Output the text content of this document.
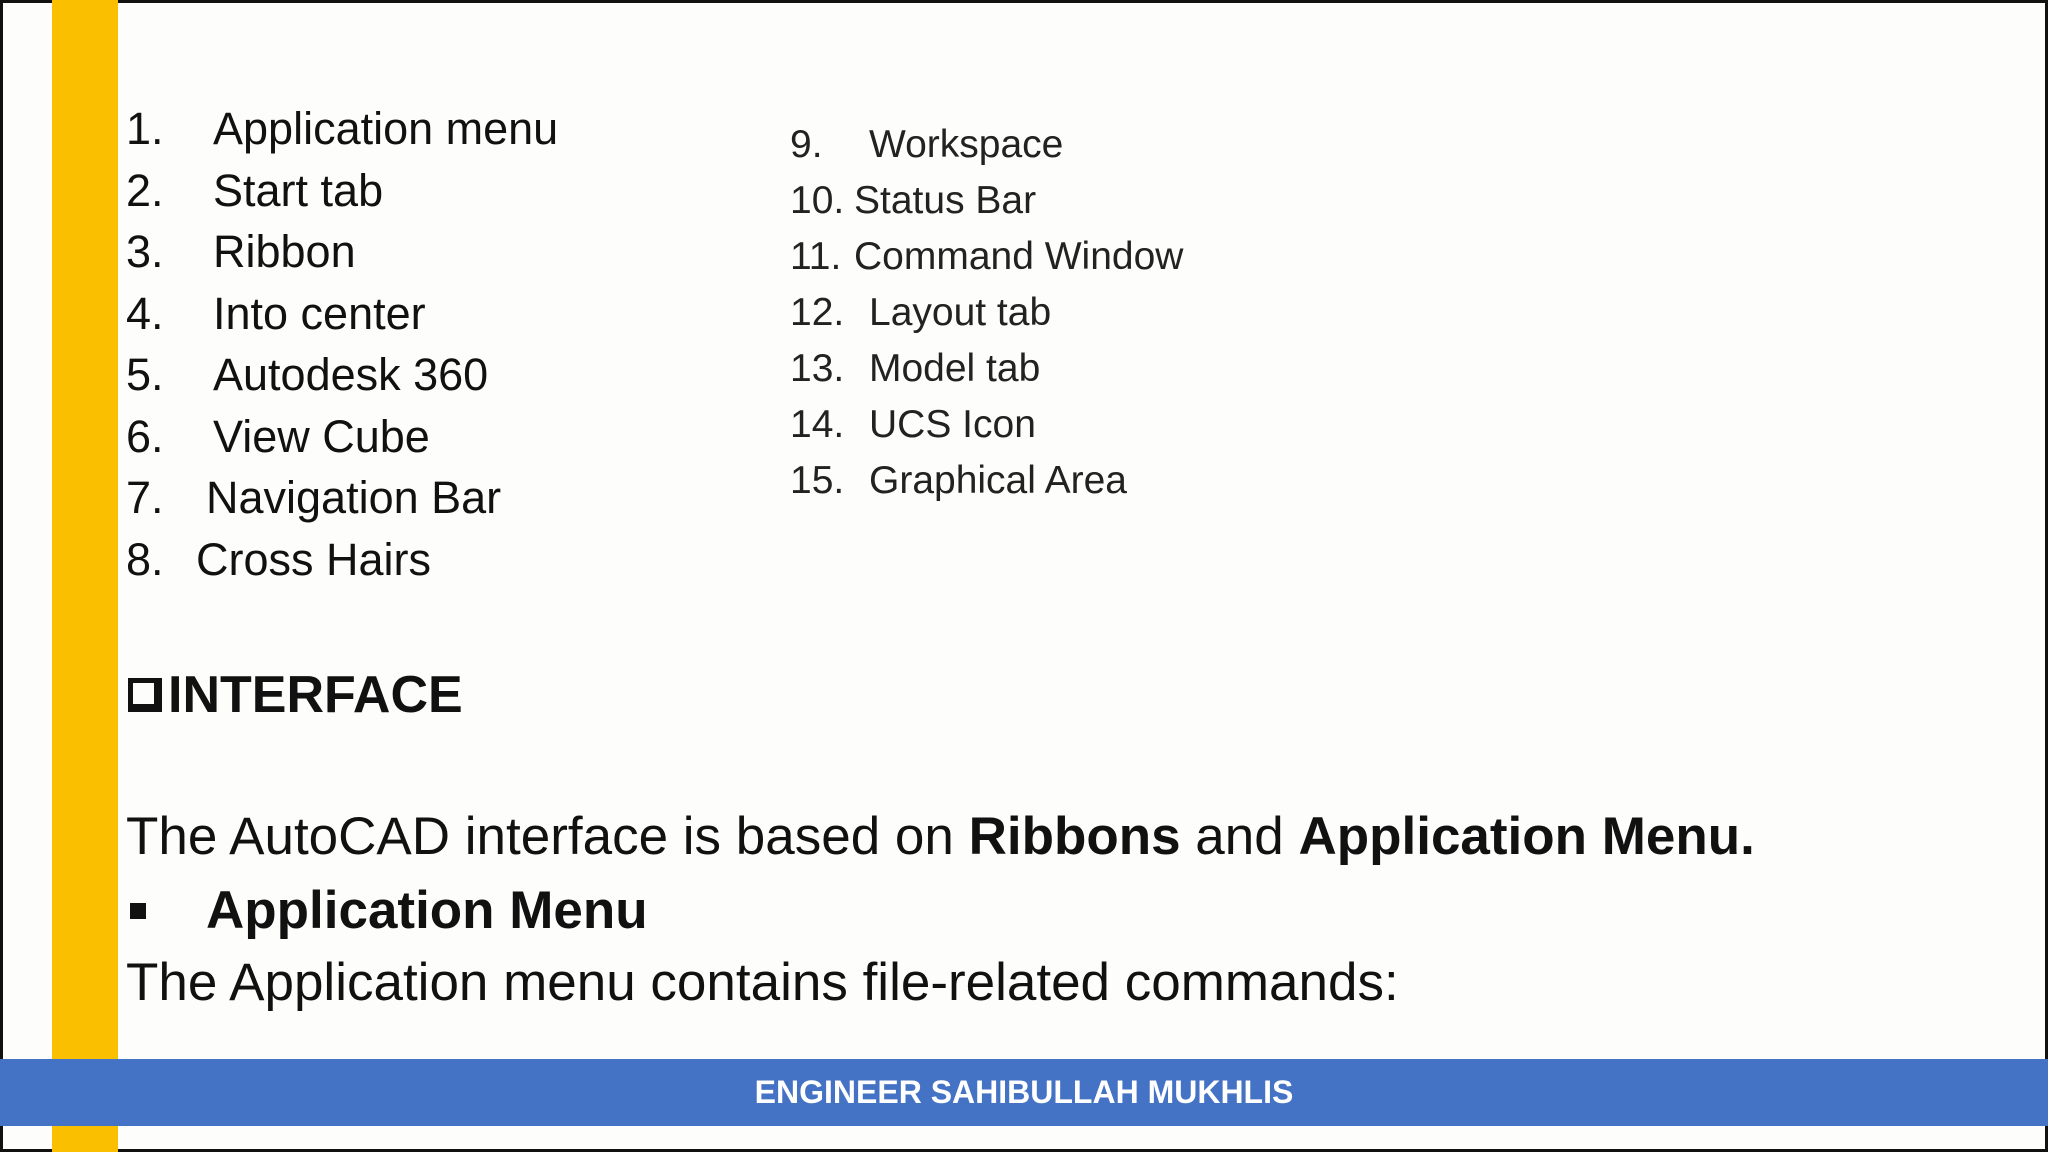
1. Application menu
2. Start tab
3. Ribbon
4. Into center
5. Autodesk 360
6. View Cube
7. Navigation Bar
8. Cross Hairs
9. Workspace
10. Status Bar
11. Command Window
12. Layout tab
13. Model tab
14. UCS Icon
15. Graphical Area
INTERFACE
The AutoCAD interface is based on Ribbons and Application Menu.
Application Menu
The Application menu contains file-related commands:
ENGINEER SAHIBULLAH MUKHLIS
